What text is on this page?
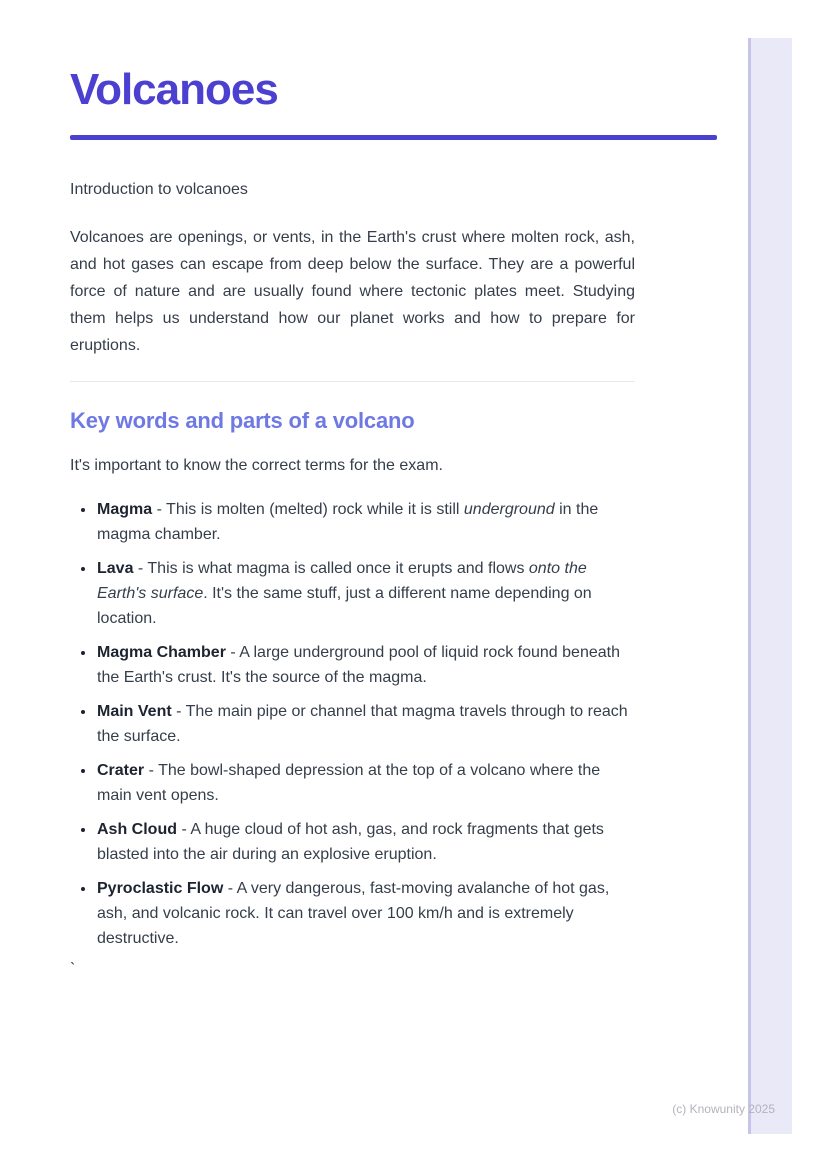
Volcanoes

Introduction to volcanoes

Volcanoes are openings, or vents, in the Earth's crust where molten rock, ash, and hot gases can escape from deep below the surface. They are a powerful force of nature and are usually found where tectonic plates meet. Studying them helps us understand how our planet works and how to prepare for eruptions.

Key words and parts of a volcano

It's important to know the correct terms for the exam.

• Magma - This is molten (melted) rock while it is still underground in the magma chamber.
• Lava - This is what magma is called once it erupts and flows onto the Earth's surface. It's the same stuff, just a different name depending on location.
• Magma Chamber - A large underground pool of liquid rock found beneath the Earth's crust. It's the source of the magma.
• Main Vent - The main pipe or channel that magma travels through to reach the surface.
• Crater - The bowl-shaped depression at the top of a volcano where the main vent opens.
• Ash Cloud - A huge cloud of hot ash, gas, and rock fragments that gets blasted into the air during an explosive eruption.
• Pyroclastic Flow - A very dangerous, fast-moving avalanche of hot gas, ash, and volcanic rock. It can travel over 100 km/h and is extremely destructive.

`

(c) Knowunity 2025
